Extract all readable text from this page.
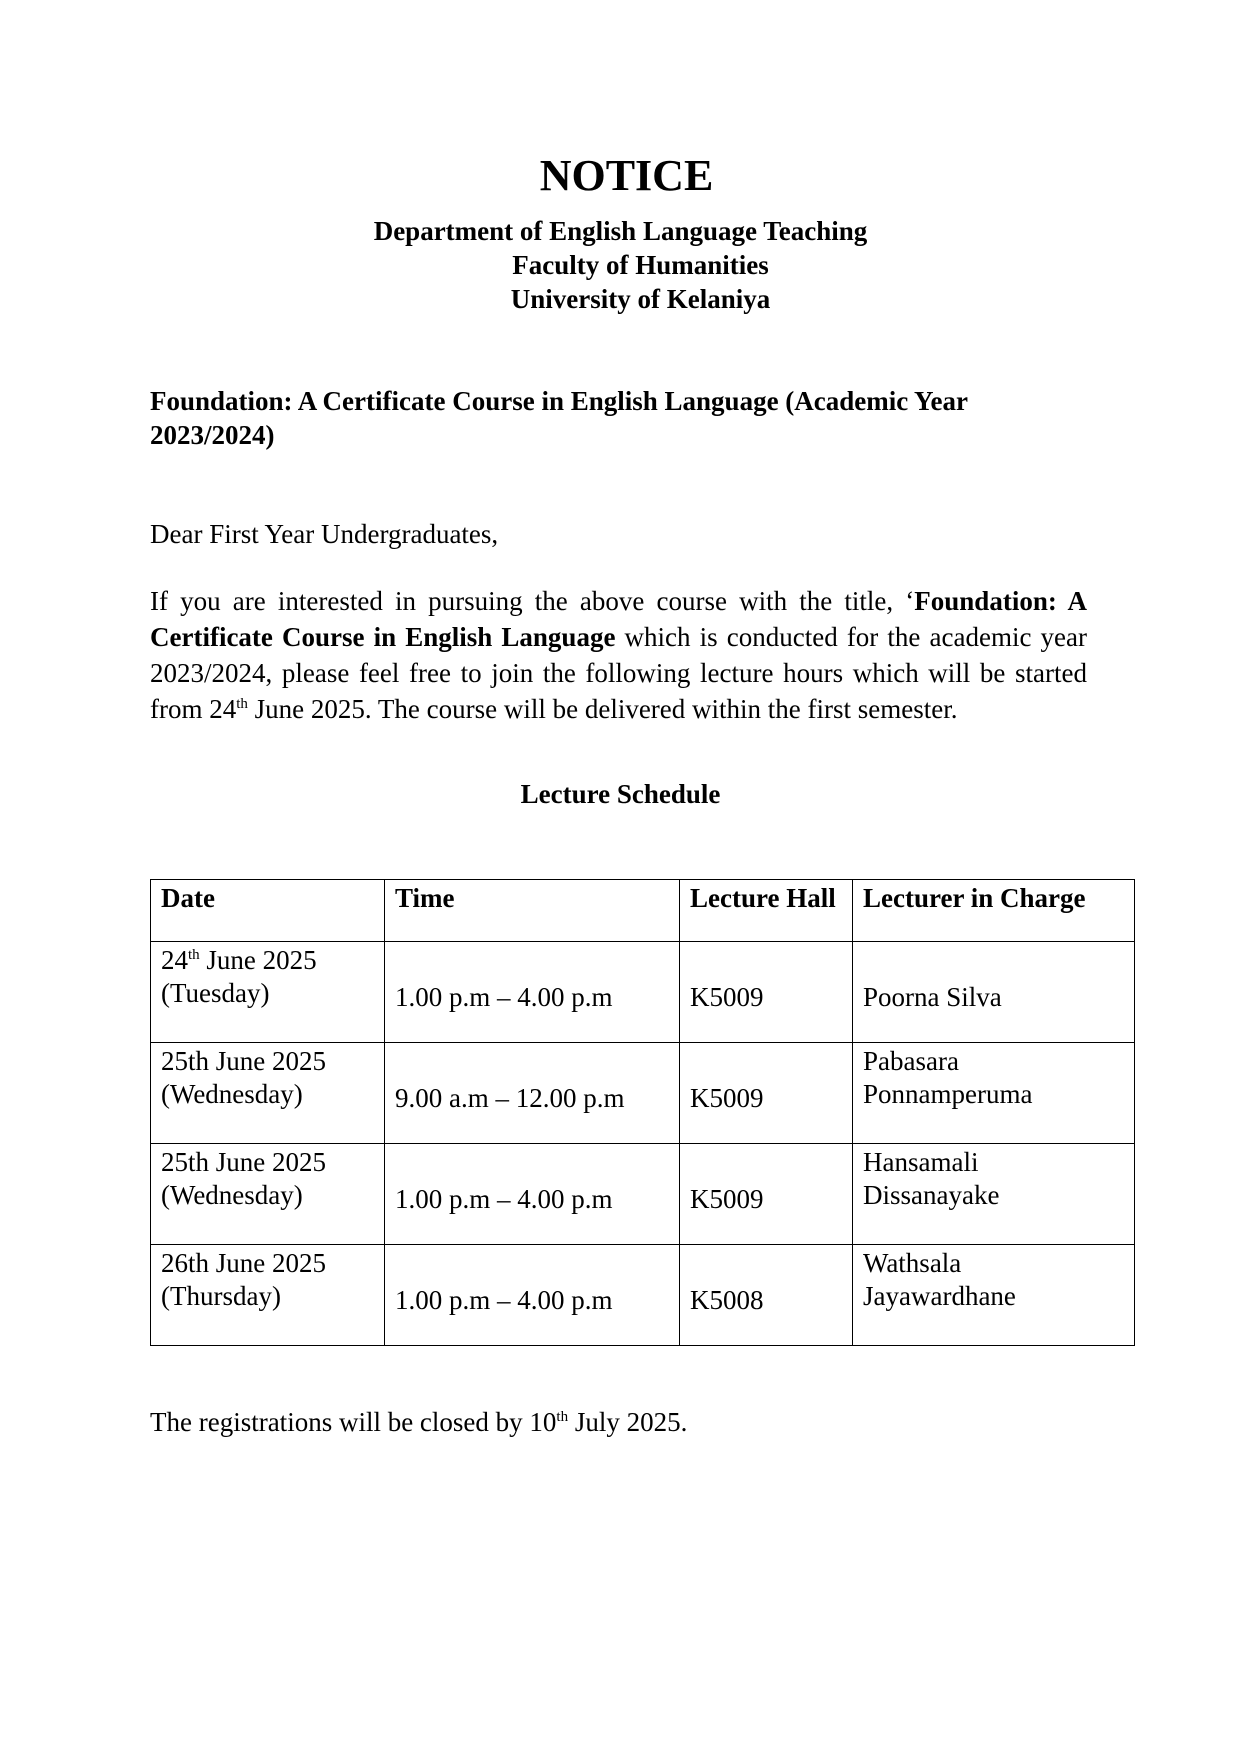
NOTICE
Department of English Language Teaching
Faculty of Humanities
University of Kelaniya
Foundation: A Certificate Course in English Language (Academic Year
2023/2024)
Dear First Year Undergraduates,

If you are interested in pursuing the above course with the title, ‘Foundation: A Certificate Course in English Language which is conducted for the academic year 2023/2024, please feel free to join the following lecture hours which will be started from 24th June 2025. The course will be delivered within the first semester.

Lecture Schedule
Date	Time	Lecture Hall	Lecturer in Charge

24th June 2025
(Tuesday)	1.00 p.m – 4.00 p.m	K5009	Poorna Silva

25th June 2025
(Wednesday)	9.00 a.m – 12.00 p.m	K5009	Pabasara
Ponnamperuma

25th June 2025
(Wednesday)	1.00 p.m – 4.00 p.m	K5009	Hansamali
Dissanayake

26th June 2025
(Thursday)	1.00 p.m – 4.00 p.m	K5008	Wathsala
Jayawardhane
The registrations will be closed by 10th July 2025.
